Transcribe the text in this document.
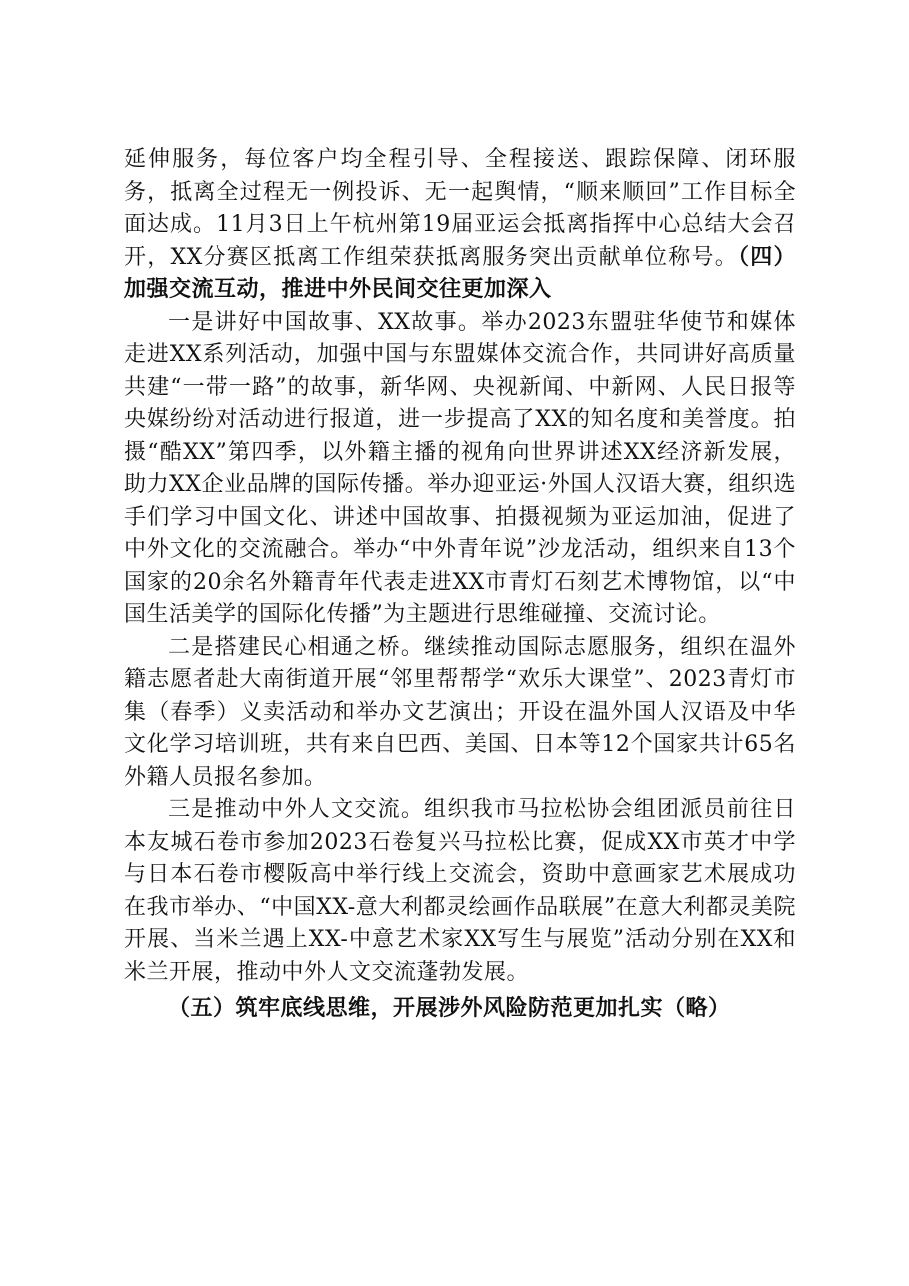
延伸服务，每位客户均全程引导、全程接送、跟踪保障、闭环服务，抵离全过程无一例投诉、无一起舆情，“顺来顺回”工作目标全面达成。11月3日上午杭州第19届亚运会抵离指挥中心总结大会召开，XX分赛区抵离工作组荣获抵离服务突出贡献单位称号。（四）加强交流互动，推进中外民间交往更加深入

一是讲好中国故事、XX故事。举办2023东盟驻华使节和媒体走进XX系列活动，加强中国与东盟媒体交流合作，共同讲好高质量共建“一带一路”的故事，新华网、央视新闻、中新网、人民日报等央媒纷纷对活动进行报道，进一步提高了XX的知名度和美誉度。拍摄“酷XX”第四季，以外籍主播的视角向世界讲述XX经济新发展，助力XX企业品牌的国际传播。举办迎亚运·外国人汉语大赛，组织选手们学习中国文化、讲述中国故事、拍摄视频为亚运加油，促进了中外文化的交流融合。举办“中外青年说”沙龙活动，组织来自13个国家的20余名外籍青年代表走进XX市青灯石刻艺术博物馆，以“中国生活美学的国际化传播”为主题进行思维碰撞、交流讨论。

二是搭建民心相通之桥。继续推动国际志愿服务，组织在温外籍志愿者赴大南街道开展“邻里帮帮学“欢乐大课堂”、2023青灯市集（春季）义卖活动和举办文艺演出；开设在温外国人汉语及中华文化学习培训班，共有来自巴西、美国、日本等12个国家共计65名外籍人员报名参加。

三是推动中外人文交流。组织我市马拉松协会组团派员前往日本友城石卷市参加2023石卷复兴马拉松比赛，促成XX市英才中学与日本石卷市樱阪高中举行线上交流会，资助中意画家艺术展成功在我市举办、“中国XX-意大利都灵绘画作品联展”在意大利都灵美院开展、当米兰遇上XX-中意艺术家XX写生与展览”活动分别在XX和米兰开展，推动中外人文交流蓬勃发展。

（五）筑牢底线思维，开展涉外风险防范更加扎实（略）
